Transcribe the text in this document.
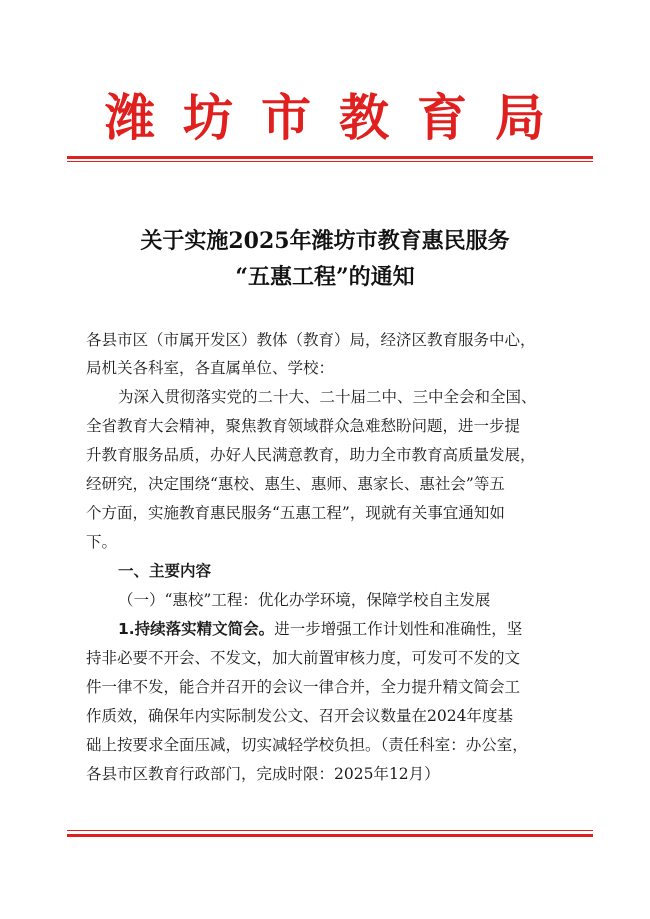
潍坊市教育局
关于实施2025年潍坊市教育惠民服务
“五惠工程”的通知
各县市区（市属开发区）教体（教育）局，经济区教育服务中心，
局机关各科室，各直属单位、学校：
为深入贯彻落实党的二十大、二十届二中、三中全会和全国、
全省教育大会精神，聚焦教育领域群众急难愁盼问题，进一步提
升教育服务品质，办好人民满意教育，助力全市教育高质量发展，
经研究，决定围绕“惠校、惠生、惠师、惠家长、惠社会”等五
个方面，实施教育惠民服务“五惠工程”，现就有关事宜通知如
下。
一、主要内容
（一）“惠校”工程：优化办学环境，保障学校自主发展
1.持续落实精文简会。进一步增强工作计划性和准确性，坚
持非必要不开会、不发文，加大前置审核力度，可发可不发的文
件一律不发，能合并召开的会议一律合并，全力提升精文简会工
作质效，确保年内实际制发公文、召开会议数量在2024年度基
础上按要求全面压减，切实减轻学校负担。（责任科室：办公室，
各县市区教育行政部门，完成时限：2025年12月）
